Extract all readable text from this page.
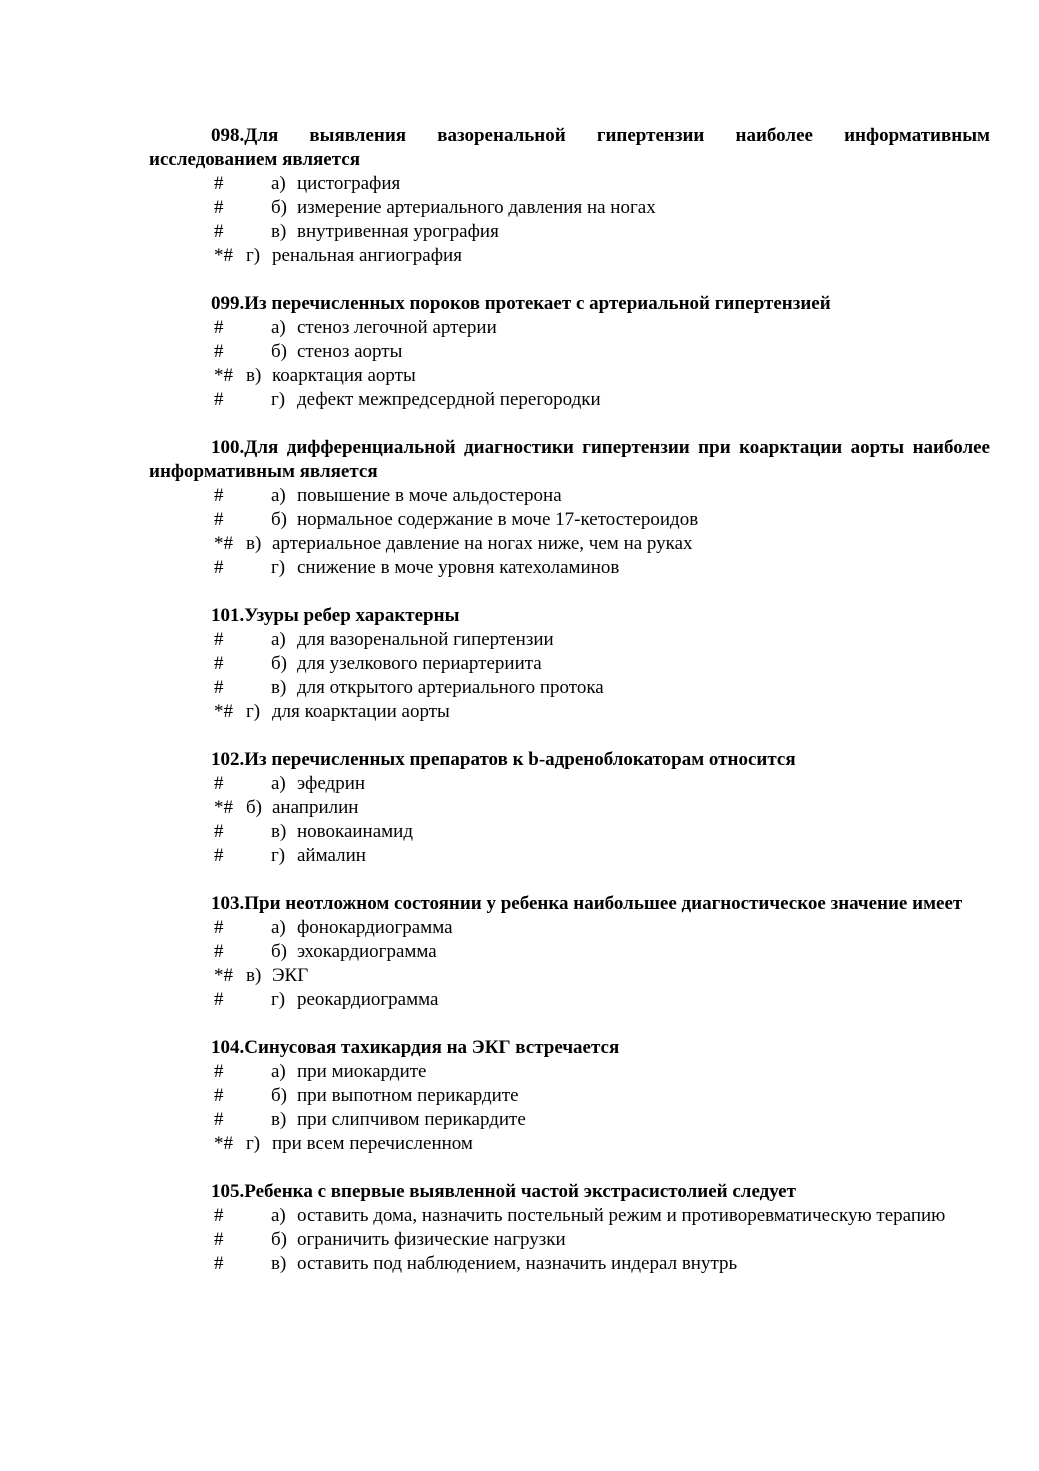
098.Для выявления вазоренальной гипертензии наиболее информативным исследованием является

#	а) цистография
#	б) измерение артериального давления на ногах
#	в) внутривенная урография
*# г) ренальная ангиография

099.Из перечисленных пороков протекает с артериальной гипертензией

#	а) стеноз легочной артерии
#	б) стеноз аорты
*# в) коарктация аорты
#	г) дефект межпредсердной перегородки

100.Для дифференциальной диагностики гипертензии при коарктации аорты наиболее информативным является

#	а) повышение в моче альдостерона
#	б) нормальное содержание в моче 17-кетостероидов
*# в) артериальное давление на ногах ниже, чем на руках
#	г) снижение в моче уровня катехоламинов

101.Узуры ребер характерны

#	а) для вазоренальной гипертензии
#	б) для узелкового периартериита
#	в) для открытого артериального протока
*# г) для коарктации аорты

102.Из перечисленных препаратов к b-адреноблокаторам относится

#	а) эфедрин
*# б) анаприлин
#	в) новокаинамид
#	г) аймалин

103.При неотложном состоянии у ребенка наибольшее диагностическое значение имеет

#	а) фонокардиограмма
#	б) эхокардиограмма
*# в) ЭКГ
#	г) реокардиограмма

104.Синусовая тахикардия на ЭКГ встречается

#	а) при миокардите
#	б) при выпотном перикардите
#	в) при слипчивом перикардите
*# г) при всем перечисленном

105.Ребенка с впервые выявленной частой экстрасистолией следует

#	а) оставить дома, назначить постельный режим и противоревматическую терапию
#	б) ограничить физические нагрузки
#	в) оставить под наблюдением, назначить индерал внутрь
